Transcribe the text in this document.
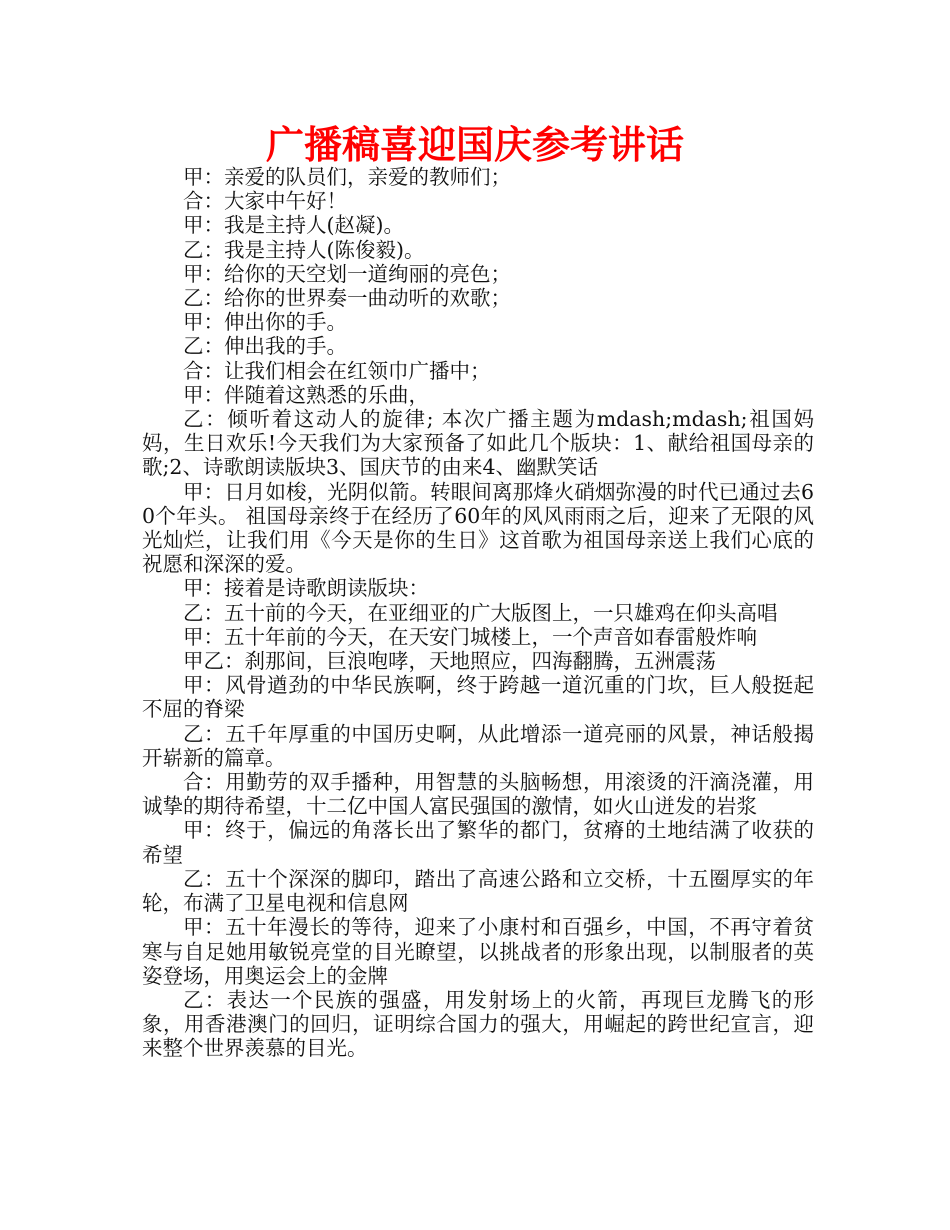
广播稿喜迎国庆参考讲话

甲：亲爱的队员们，亲爱的教师们；

合：大家中午好！

甲：我是主持人(赵凝)。

乙：我是主持人(陈俊毅)。

甲：给你的天空划一道绚丽的亮色；

乙：给你的世界奏一曲动听的欢歌；

甲：伸出你的手。

乙：伸出我的手。

合：让我们相会在红领巾广播中；

甲：伴随着这熟悉的乐曲，

乙：倾听着这动人的旋律; 本次广播主题为mdash;mdash;祖国妈妈，生日欢乐!今天我们为大家预备了如此几个版块：1、献给祖国母亲的歌;2、诗歌朗读版块3、国庆节的由来4、幽默笑话

甲：日月如梭，光阴似箭。转眼间离那烽火硝烟弥漫的时代已通过去60个年头。 祖国母亲终于在经历了60年的风风雨雨之后，迎来了无限的风光灿烂，让我们用《今天是你的生日》这首歌为祖国母亲送上我们心底的祝愿和深深的爱。

甲：接着是诗歌朗读版块：

乙：五十前的今天，在亚细亚的广大版图上，一只雄鸡在仰头高唱

甲：五十年前的今天，在天安门城楼上，一个声音如春雷般炸响

甲乙：刹那间，巨浪咆哮，天地照应，四海翻腾，五洲震荡

甲：风骨遒劲的中华民族啊，终于跨越一道沉重的门坎，巨人般挺起不屈的脊梁

乙：五千年厚重的中国历史啊，从此增添一道亮丽的风景，神话般揭开崭新的篇章。

合：用勤劳的双手播种，用智慧的头脑畅想，用滚烫的汗滴浇灌，用诚挚的期待希望，十二亿中国人富民强国的激情，如火山迸发的岩浆

甲：终于，偏远的角落长出了繁华的都门，贫瘠的土地结满了收获的希望

乙：五十个深深的脚印，踏出了高速公路和立交桥，十五圈厚实的年轮，布满了卫星电视和信息网

甲：五十年漫长的等待，迎来了小康村和百强乡，中国，不再守着贫寒与自足她用敏锐亮堂的目光瞭望，以挑战者的形象出现，以制服者的英姿登场，用奥运会上的金牌

乙：表达一个民族的强盛，用发射场上的火箭，再现巨龙腾飞的形象，用香港澳门的回归，证明综合国力的强大，用崛起的跨世纪宣言，迎来整个世界羡慕的目光。
